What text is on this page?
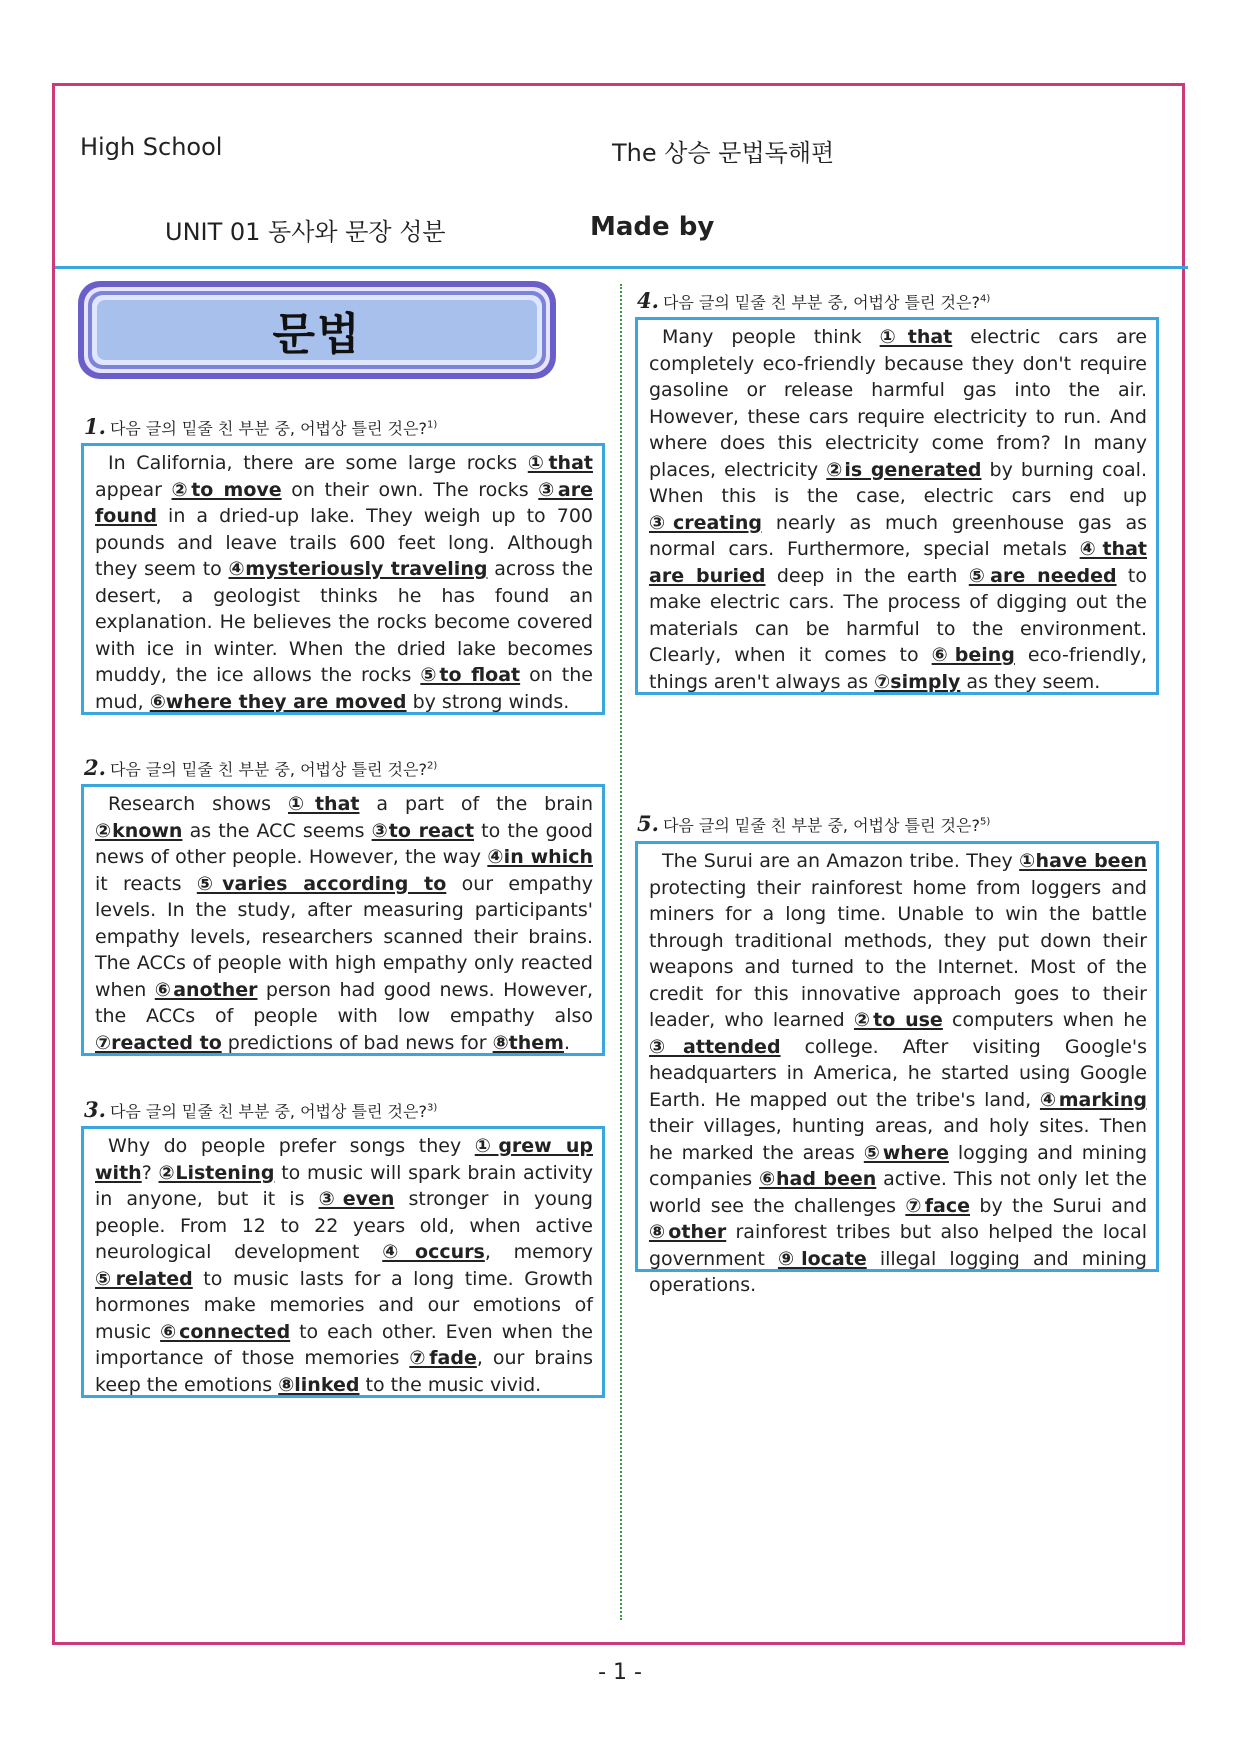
High School	The 상승 문법독해편
UNIT 01 동사와 문장 성분	Made by
문법
1. 다음 글의 밑줄 친 부분 중, 어법상 틀린 것은?$^{1)}$
In California, there are some large rocks ①that appear ②to move on their own. The rocks ③are found in a dried-up lake. They weigh up to 700 pounds and leave trails 600 feet long. Although they seem to ④mysteriously traveling across the desert, a geologist thinks he has found an explanation. He believes the rocks become covered with ice in winter. When the dried lake becomes muddy, the ice allows the rocks ⑤to float on the mud, ⑥where they are moved by strong winds.
2. 다음 글의 밑줄 친 부분 중, 어법상 틀린 것은?$^{2)}$
Research shows ①that a part of the brain ②known as the ACC seems ③to react to the good news of other people. However, the way ④in which it reacts ⑤varies according to our empathy levels. In the study, after measuring participants' empathy levels, researchers scanned their brains. The ACCs of people with high empathy only reacted when ⑥another person had good news. However, the ACCs of people with low empathy also ⑦reacted to predictions of bad news for ⑧them.
3. 다음 글의 밑줄 친 부분 중, 어법상 틀린 것은?$^{3)}$
Why do people prefer songs they ①grew up with? ②Listening to music will spark brain activity in anyone, but it is ③even stronger in young people. From 12 to 22 years old, when active neurological development ④occurs, memory ⑤related to music lasts for a long time. Growth hormones make memories and our emotions of music ⑥connected to each other. Even when the importance of those memories ⑦fade, our brains keep the emotions ⑧linked to the music vivid.
4. 다음 글의 밑줄 친 부분 중, 어법상 틀린 것은?$^{4)}$
Many people think ①that electric cars are completely eco-friendly because they don't require gasoline or release harmful gas into the air. However, these cars require electricity to run. And where does this electricity come from? In many places, electricity ②is generated by burning coal. When this is the case, electric cars end up ③creating nearly as much greenhouse gas as normal cars. Furthermore, special metals ④that are buried deep in the earth ⑤are needed to make electric cars. The process of digging out the materials can be harmful to the environment. Clearly, when it comes to ⑥being eco-friendly, things aren't always as ⑦simply as they seem.
5. 다음 글의 밑줄 친 부분 중, 어법상 틀린 것은?$^{5)}$
The Surui are an Amazon tribe. They ①have been protecting their rainforest home from loggers and miners for a long time. Unable to win the battle through traditional methods, they put down their weapons and turned to the Internet. Most of the credit for this innovative approach goes to their leader, who learned ②to use computers when he ③attended college. After visiting Google's headquarters in America, he started using Google Earth. He mapped out the tribe's land, ④marking their villages, hunting areas, and holy sites. Then he marked the areas ⑤where logging and mining companies ⑥had been active. This not only let the world see the challenges ⑦face by the Surui and ⑧other rainforest tribes but also helped the local government ⑨locate illegal logging and mining operations.
- 1 -
